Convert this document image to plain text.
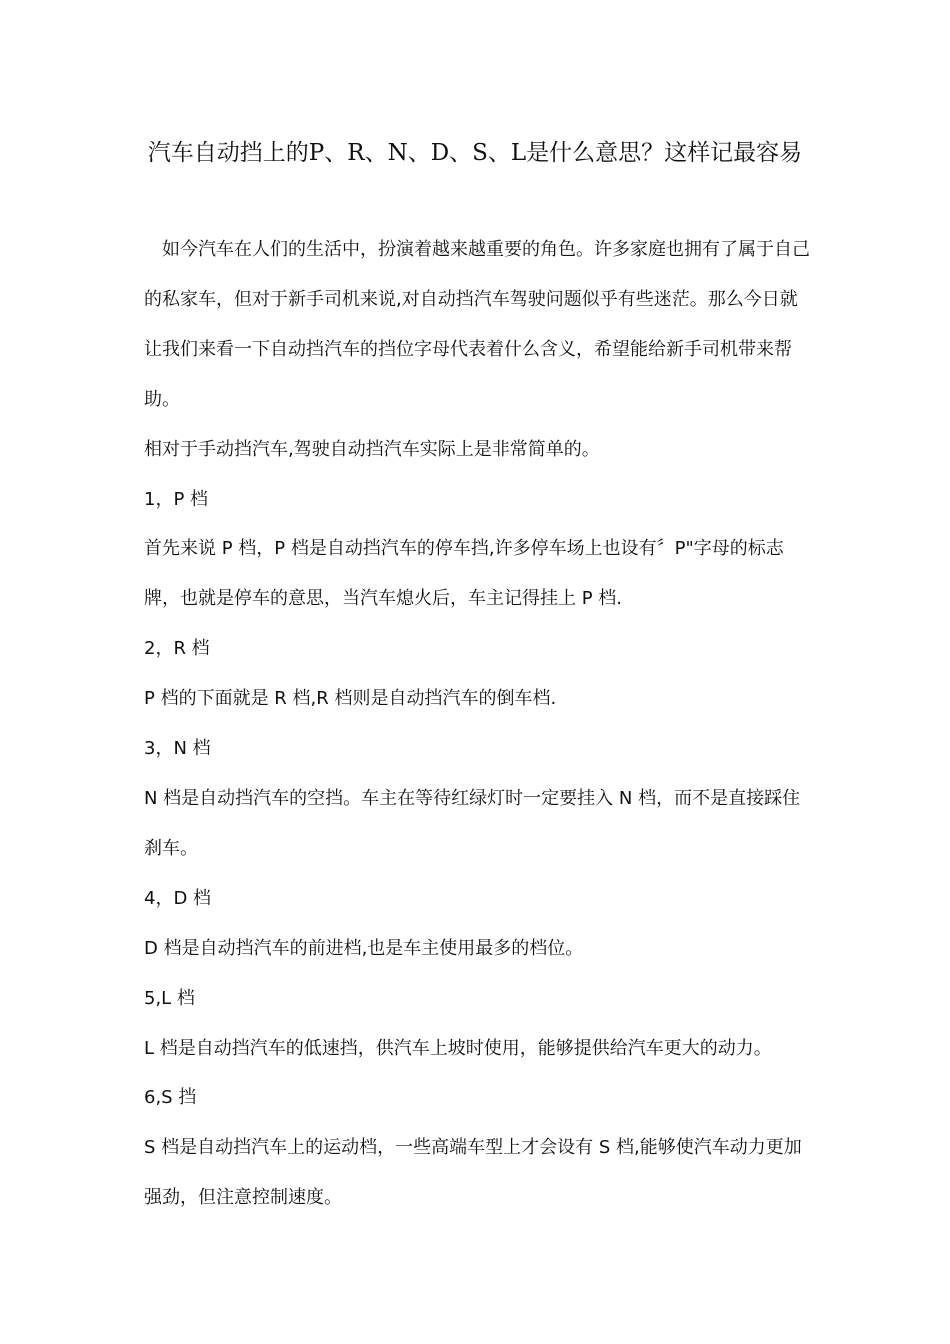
汽车自动挡上的P、R、N、D、S、L是什么意思？这样记最容易

如今汽车在人们的生活中，扮演着越来越重要的角色。许多家庭也拥有了属于自己的私家车，但对于新手司机来说,对自动挡汽车驾驶问题似乎有些迷茫。那么今日就让我们来看一下自动挡汽车的挡位字母代表着什么含义，希望能给新手司机带来帮助。

相对于手动挡汽车,驾驶自动挡汽车实际上是非常简单的。

1，P 档

首先来说 P 档，P 档是自动挡汽车的停车挡,许多停车场上也设有〞P"字母的标志牌，也就是停车的意思，当汽车熄火后，车主记得挂上 P 档.

2，R 档

P 档的下面就是 R 档,R 档则是自动挡汽车的倒车档.

3，N 档

N 档是自动挡汽车的空挡。车主在等待红绿灯时一定要挂入 N 档，而不是直接踩住刹车。

4，D 档

D 档是自动挡汽车的前进档,也是车主使用最多的档位。

5,L 档

L 档是自动挡汽车的低速挡，供汽车上坡时使用，能够提供给汽车更大的动力。

6,S 挡

S 档是自动挡汽车上的运动档，一些高端车型上才会设有 S 档,能够使汽车动力更加强劲，但注意控制速度。
